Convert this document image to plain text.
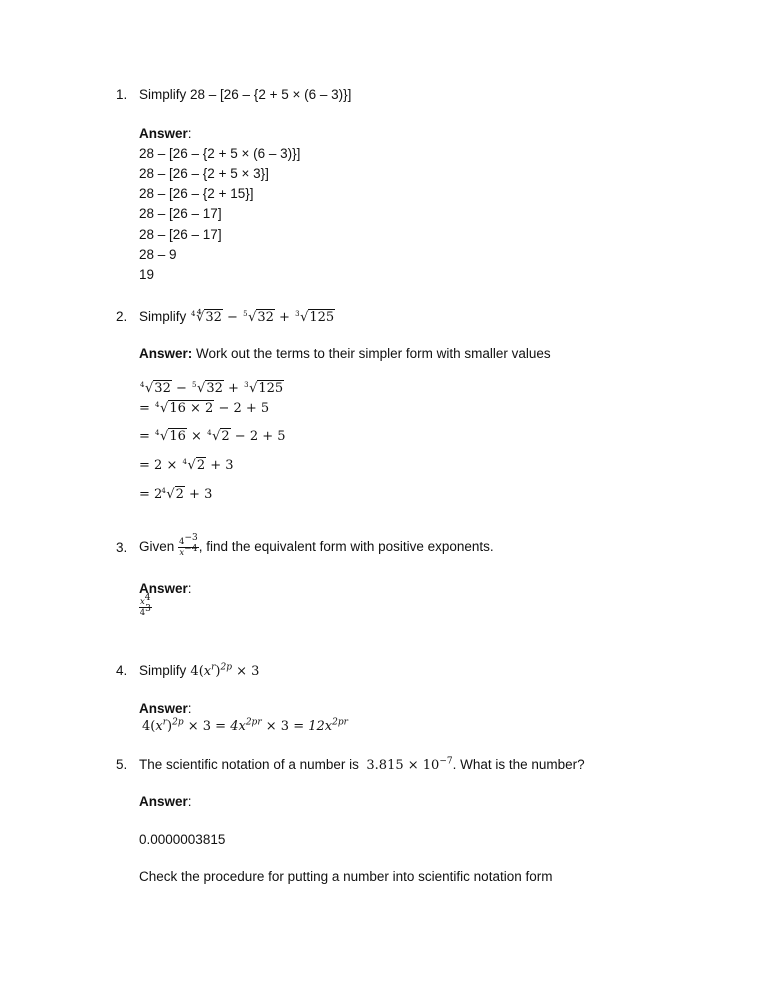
1. Simplify 28 – [26 – {2 + 5 × (6 – 3)}]
Answer:
28 – [26 – {2 + 5 × (6 – 3)}]
28 – [26 – {2 + 5 × 3}]
28 – [26 – {2 + 15}]
28 – [26 – 17]
28 – [26 – 17]
28 – 9
19
2. Simplify 4 ∜32 − 5 √32 + 3 √125
Answer: Work out the terms to their simpler form with smaller values
4 √32 − 5 √32 + 3 √125
= 4 √16 × 2 − 2 + 5
= 4 √16 × 4 √2 − 2 + 5
= 2 × 4 √2 + 3
= 2 4 √2 + 3
3. Given $\frac{4^{-3}}{x^{-4}}$ , find the equivalent form with positive exponents.
Answer:
$\frac{x^4}{4^3}$
4. Simplify $4(x^r)^{2p} \times 3$
Answer:
$4(x^r)^{2p} \times 3 = 4x^{2pr} \times 3 = 12x^{2pr}$
5. The scientific notation of a number is $3.815 \times 10^{-7}$. What is the number?
Answer:
0.0000003815
Check the procedure for putting a number into scientific notation form
